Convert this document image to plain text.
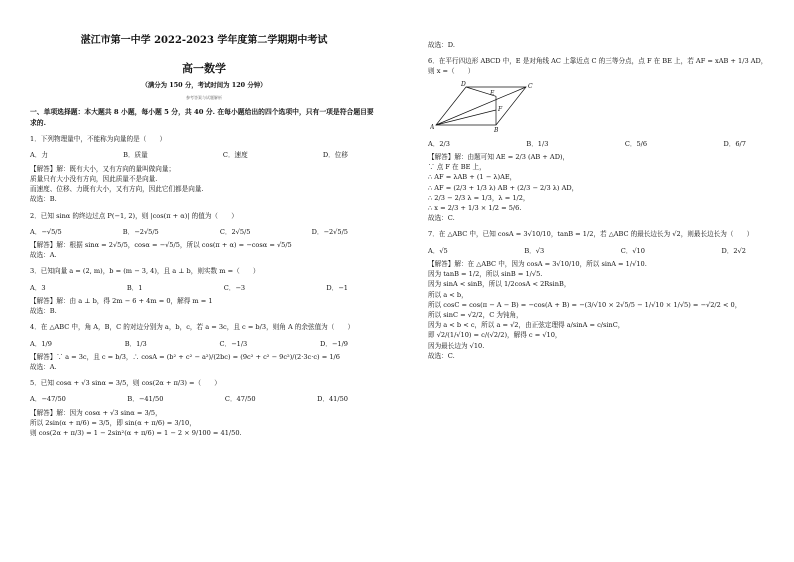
湛江市第一中学 2022-2023 学年度第二学期期中考试
高一数学
（满分为 150 分，考试时间为 120 分钟）
参考答案与试题解析
一、单项选择题：本大题共 8 小题，每小题 5 分，共 40 分. 在每小题给出的四个选项中，只有一项是符合题目要求的.
1．下列物理量中，不能称为向量的是（　　）
A．力	B．质量	C．速度	D．位移
【解答】解：既有大小，又有方向的量叫做向量；
质量只有大小没有方向，因此质量不是向量.
而速度、位移、力既有大小，又有方向，因此它们都是向量.
故选：B.
2．已知 sinα 的终边过点 P(−1, 2)，则 |cos(π + α)| 的值为（　　）
A．−√5/5	B．−2√5/5	C．2√5/5	D．−2√5/5
【解答】解：根据 sinα = 2√5/5，cosα = −√5/5，所以 cos(π + α) = −cosα = √5/5
故选：A.
3．已知向量 a = (2, m)，b = (m − 3, 4)，且 a ⊥ b，则实数 m =（　　）
A．3	B．1	C．−3	D．−1
【解答】解：由 a ⊥ b，得 2m − 6 + 4m = 0，解得 m = 1
故选：B.
4．在 △ABC 中，角 A，B，C 的对边分别为 a，b，c，若 a = 3c，且 c = b/3，则角 A 的余弦值为（　　）
A．1/9	B．1/3	C．−1/3	D．−1/9
【解答】∵ a = 3c，且 c = b/3，∴ cosA = (b² + c² − a²)/(2bc) = (9c² + c² − 9c²)/(2·3c·c) = 1/6
故选：A.
5．已知 cosα + √3 sinα = 3/5，则 cos(2α + π/3) =（　　）
A．−47/50	B．−41/50	C．47/50	D．41/50
【解答】解：因为 cosα + √3 sinα = 3/5，
所以 2sin(α + π/6) = 3/5，即 sin(α + π/6) = 3/10，
则 cos(2α + π/3) = 1 − 2sin²(α + π/6) = 1 − 2 × 9/100 = 41/50.
故选：D.
6．在平行四边形 ABCD 中，E 是对角线 AC 上靠近点 C 的三等分点，点 F 在 BE 上，若 AF = xAB + 1/3 AD，
则 x =（　　）
A	B
C
D
E
F
A．2/3	B．1/3	C．5/6	D．6/7
【解答】解：由题可知 AE = 2/3 (AB + AD)，
∵ 点 F 在 BE 上，
∴ AF = λAB + (1 − λ)AE，
∴ AF = (2/3 + 1/3 λ) AB + (2/3 − 2/3 λ) AD，
∴ 2/3 − 2/3 λ = 1/3，λ = 1/2，
∴ x = 2/3 + 1/3 × 1/2 = 5/6.
故选：C.
7．在 △ABC 中，已知 cosA = 3√10/10，tanB = 1/2，若 △ABC 的最长边长为 √2，则最长边长为（　　）
A．√5	B．√3	C．√10	D．2√2
【解答】解：在 △ABC 中，因为 cosA = 3√10/10，所以 sinA = 1/√10.
因为 tanB = 1/2，所以 sinB = 1/√5.
因为 sinA < sinB，所以 1/2cosA < 2RsinB，
所以 a < b，
所以 cosC = cos(π − A − B) = −cos(A + B) = −(3/√10 × 2√5/5 − 1/√10 × 1/√5) = −√2/2 < 0，
所以 sinC = √2/2，C 为钝角，
因为 a < b < c，所以 a = √2，由正弦定理得 a/sinA = c/sinC，
即 √2/(1/√10) = c/(√2/2)，解得 c = √10，
因为最长边为 √10.
故选：C.
